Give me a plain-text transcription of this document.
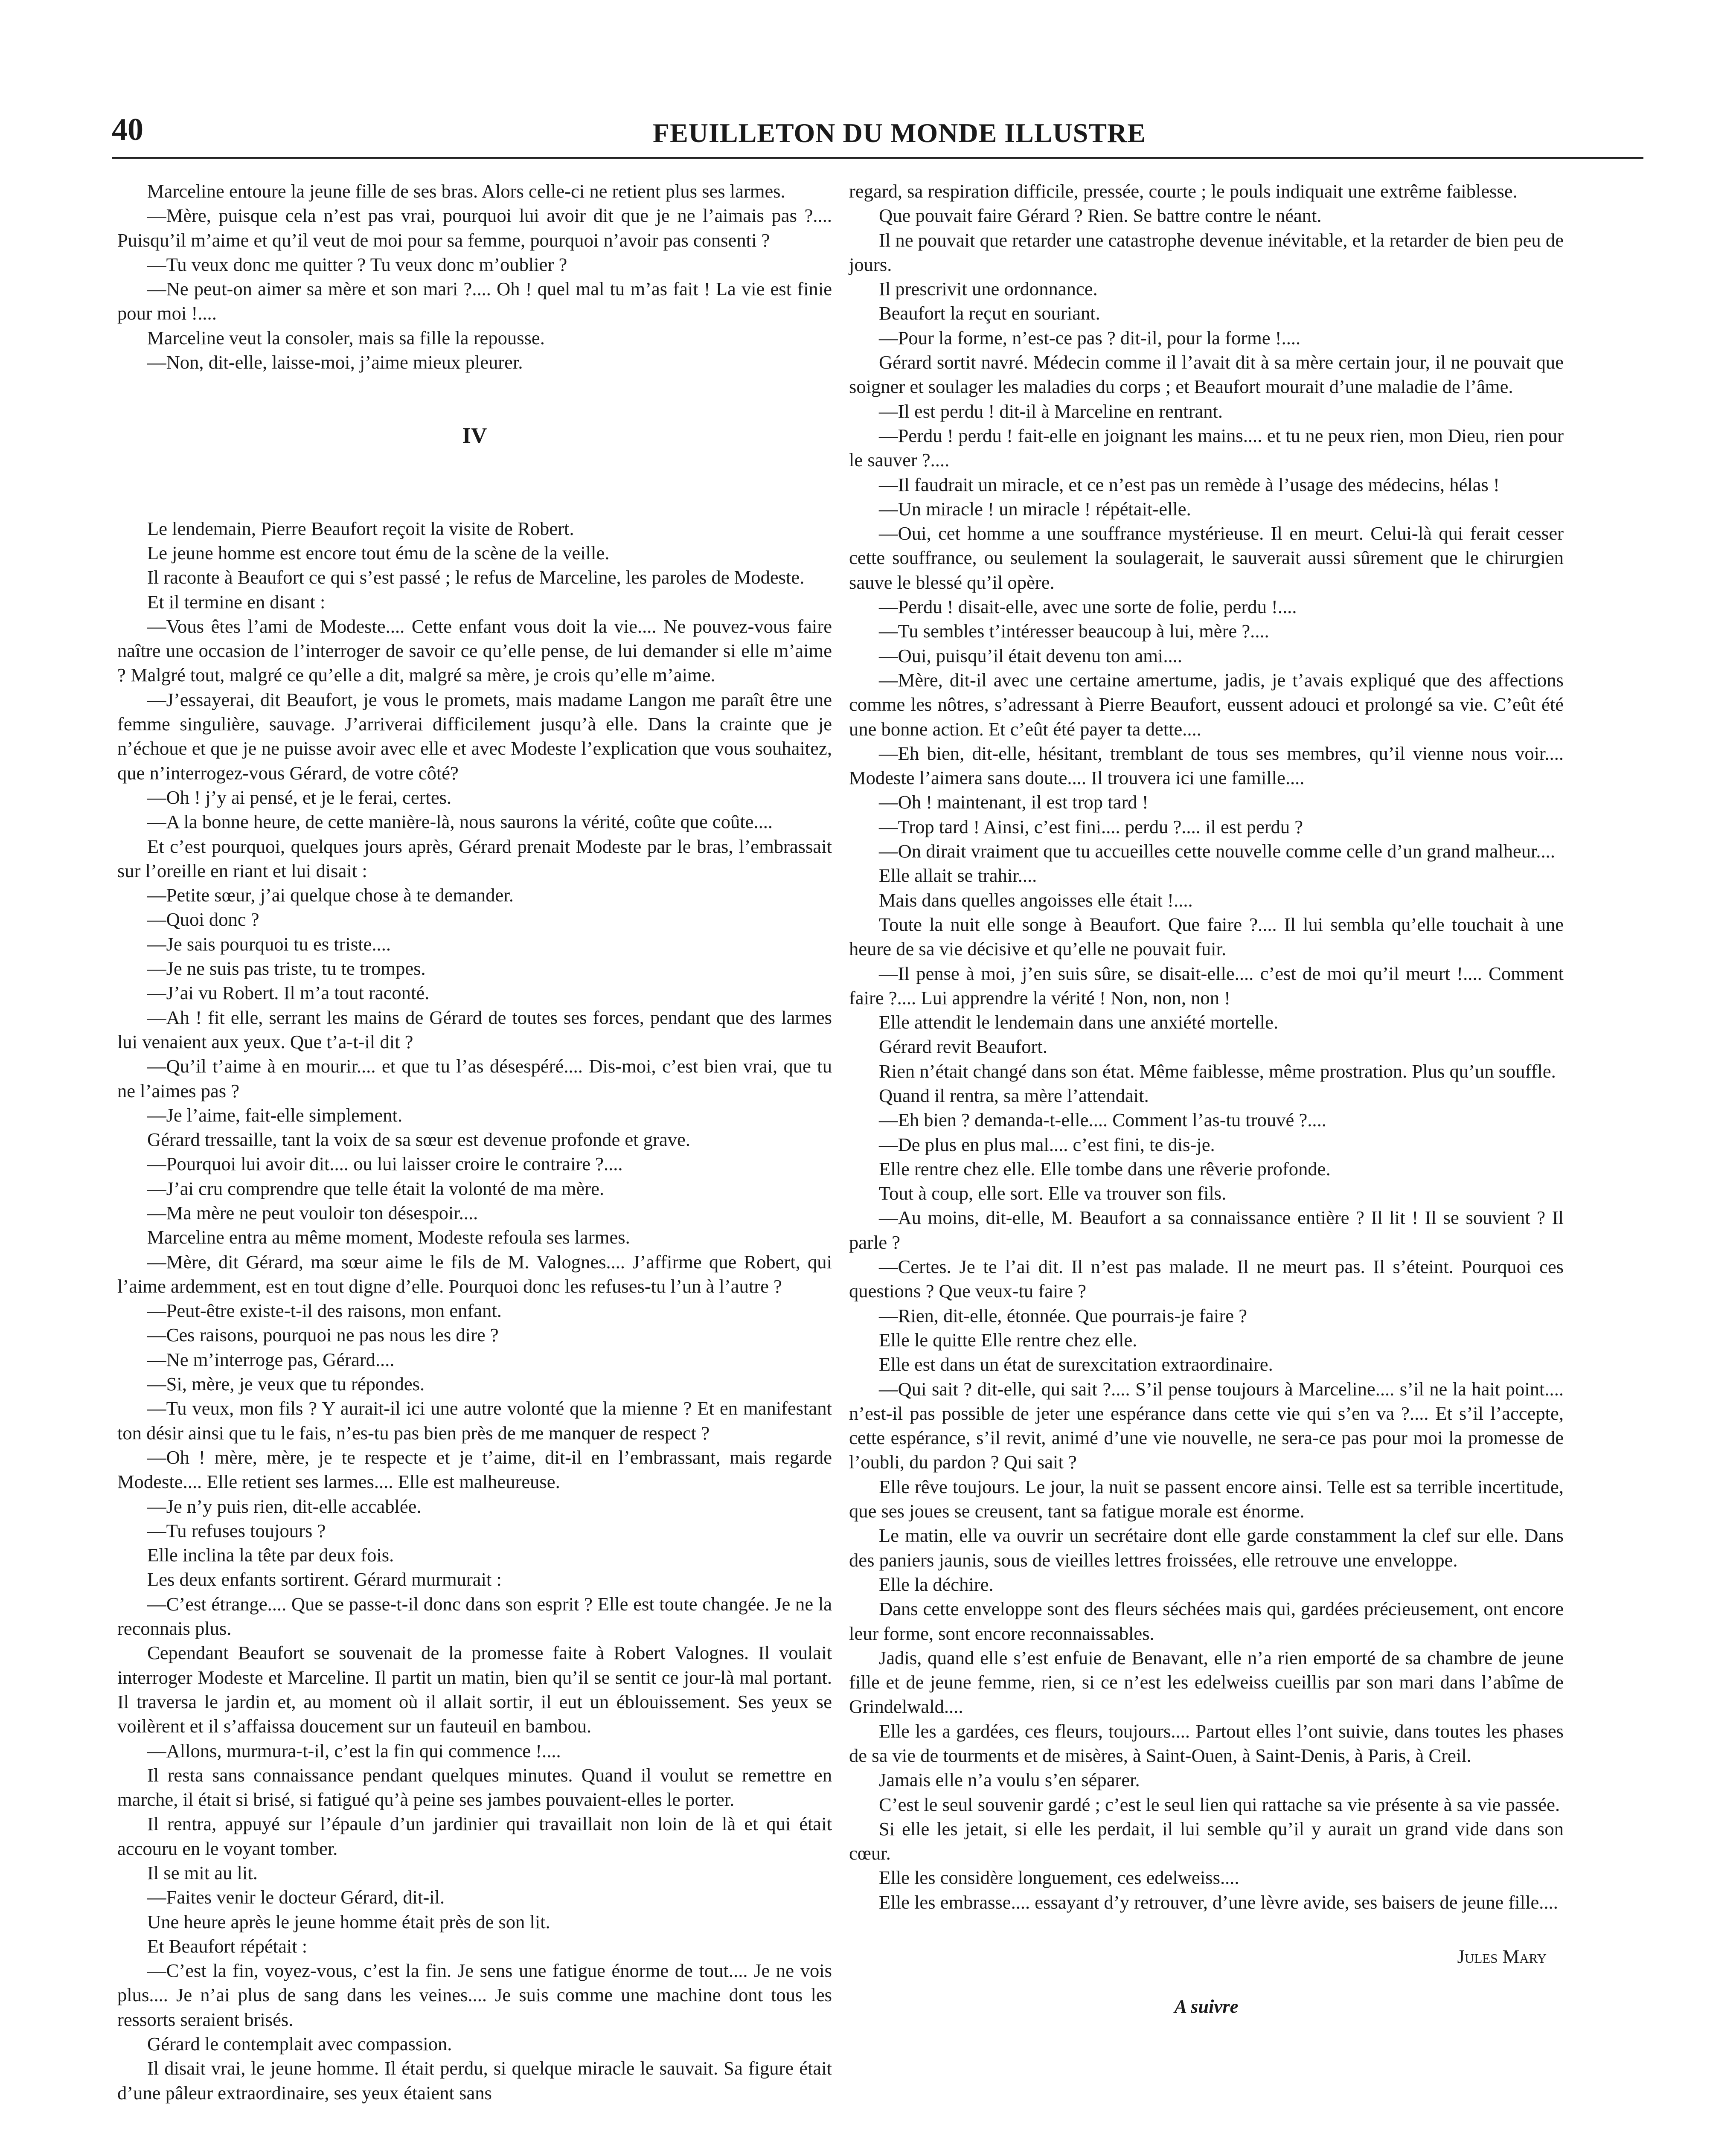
40	FEUILLETON DU MONDE ILLUSTRE

Marceline entoure la jeune fille de ses bras. Alors celle-ci ne retient plus ses larmes.

—Mère, puisque cela n’est pas vrai, pourquoi lui avoir dit que je ne l’aimais pas ?.... Puisqu’il m’aime et qu’il veut de moi pour sa femme, pourquoi n’avoir pas consenti ?

—Tu veux donc me quitter ? Tu veux donc m’oublier ?

—Ne peut-on aimer sa mère et son mari ?.... Oh ! quel mal tu m’as fait ! La vie est finie pour moi !....

Marceline veut la consoler, mais sa fille la repousse.

—Non, dit-elle, laisse-moi, j’aime mieux pleurer.

IV

Le lendemain, Pierre Beaufort reçoit la visite de Robert.

Le jeune homme est encore tout ému de la scène de la veille.

Il raconte à Beaufort ce qui s’est passé ; le refus de Marceline, les paroles de Modeste.

Et il termine en disant :

—Vous êtes l’ami de Modeste.... Cette enfant vous doit la vie.... Ne pouvez-vous faire naître une occasion de l’interroger de savoir ce qu’elle pense, de lui demander si elle m’aime ? Malgré tout, malgré ce qu’elle a dit, malgré sa mère, je crois qu’elle m’aime.

—J’essayerai, dit Beaufort, je vous le promets, mais madame Langon me paraît être une femme singulière, sauvage. J’arriverai difficilement jusqu’à elle. Dans la crainte que je n’échoue et que je ne puisse avoir avec elle et avec Modeste l’explication que vous souhaitez, que n’interrogez-vous Gérard, de votre côté?

—Oh ! j’y ai pensé, et je le ferai, certes.

—A la bonne heure, de cette manière-là, nous saurons la vérité, coûte que coûte....

Et c’est pourquoi, quelques jours après, Gérard prenait Modeste par le bras, l’embrassait sur l’oreille en riant et lui disait :

—Petite sœur, j’ai quelque chose à te demander.

—Quoi donc ?

—Je sais pourquoi tu es triste....

—Je ne suis pas triste, tu te trompes.

—J’ai vu Robert. Il m’a tout raconté.

—Ah ! fit elle, serrant les mains de Gérard de toutes ses forces, pendant que des larmes lui venaient aux yeux. Que t’a-t-il dit ?

—Qu’il t’aime à en mourir.... et que tu l’as désespéré.... Dis-moi, c’est bien vrai, que tu ne l’aimes pas ?

—Je l’aime, fait-elle simplement.

Gérard tressaille, tant la voix de sa sœur est devenue profonde et grave.

—Pourquoi lui avoir dit.... ou lui laisser croire le contraire ?....

—J’ai cru comprendre que telle était la volonté de ma mère.

—Ma mère ne peut vouloir ton désespoir....

Marceline entra au même moment, Modeste refoula ses larmes.

—Mère, dit Gérard, ma sœur aime le fils de M. Valognes.... J’affirme que Robert, qui l’aime ardemment, est en tout digne d’elle. Pourquoi donc les refuses-tu l’un à l’autre ?

—Peut-être existe-t-il des raisons, mon enfant.

—Ces raisons, pourquoi ne pas nous les dire ?

—Ne m’interroge pas, Gérard....

—Si, mère, je veux que tu répondes.

—Tu veux, mon fils ? Y aurait-il ici une autre volonté que la mienne ? Et en manifestant ton désir ainsi que tu le fais, n’es-tu pas bien près de me manquer de respect ?

—Oh ! mère, mère, je te respecte et je t’aime, dit-il en l’embrassant, mais regarde Modeste.... Elle retient ses larmes.... Elle est malheureuse.

—Je n’y puis rien, dit-elle accablée.

—Tu refuses toujours ?

Elle inclina la tête par deux fois.

Les deux enfants sortirent. Gérard murmurait :

—C’est étrange.... Que se passe-t-il donc dans son esprit ? Elle est toute changée. Je ne la reconnais plus.

Cependant Beaufort se souvenait de la promesse faite à Robert Valognes. Il voulait interroger Modeste et Marceline. Il partit un matin, bien qu’il se sentit ce jour-là mal portant. Il traversa le jardin et, au moment où il allait sortir, il eut un éblouissement. Ses yeux se voilèrent et il s’affaissa doucement sur un fauteuil en bambou.

—Allons, murmura-t-il, c’est la fin qui commence !....

Il resta sans connaissance pendant quelques minutes. Quand il voulut se remettre en marche, il était si brisé, si fatigué qu’à peine ses jambes pouvaient-elles le porter.

Il rentra, appuyé sur l’épaule d’un jardinier qui travaillait non loin de là et qui était accouru en le voyant tomber.

Il se mit au lit.

—Faites venir le docteur Gérard, dit-il.

Une heure après le jeune homme était près de son lit.

Et Beaufort répétait :

—C’est la fin, voyez-vous, c’est la fin. Je sens une fatigue énorme de tout.... Je ne vois plus.... Je n’ai plus de sang dans les veines.... Je suis comme une machine dont tous les ressorts seraient brisés.

Gérard le contemplait avec compassion.

Il disait vrai, le jeune homme. Il était perdu, si quelque miracle le sauvait. Sa figure était d’une pâleur extraordinaire, ses yeux étaient sans

regard, sa respiration difficile, pressée, courte ; le pouls indiquait une extrême faiblesse.

Que pouvait faire Gérard ? Rien. Se battre contre le néant.

Il ne pouvait que retarder une catastrophe devenue inévitable, et la retarder de bien peu de jours.

Il prescrivit une ordonnance.

Beaufort la reçut en souriant.

—Pour la forme, n’est-ce pas ? dit-il, pour la forme !....

Gérard sortit navré. Médecin comme il l’avait dit à sa mère certain jour, il ne pouvait que soigner et soulager les maladies du corps ; et Beaufort mourait d’une maladie de l’âme.

—Il est perdu ! dit-il à Marceline en rentrant.

—Perdu ! perdu ! fait-elle en joignant les mains.... et tu ne peux rien, mon Dieu, rien pour le sauver ?....

—Il faudrait un miracle, et ce n’est pas un remède à l’usage des médecins, hélas !

—Un miracle ! un miracle ! répétait-elle.

—Oui, cet homme a une souffrance mystérieuse. Il en meurt. Celui-là qui ferait cesser cette souffrance, ou seulement la soulagerait, le sauverait aussi sûrement que le chirurgien sauve le blessé qu’il opère.

—Perdu ! disait-elle, avec une sorte de folie, perdu !....

—Tu sembles t’intéresser beaucoup à lui, mère ?....

—Oui, puisqu’il était devenu ton ami....

—Mère, dit-il avec une certaine amertume, jadis, je t’avais expliqué que des affections comme les nôtres, s’adressant à Pierre Beaufort, eussent adouci et prolongé sa vie. C’eût été une bonne action. Et c’eût été payer ta dette....

—Eh bien, dit-elle, hésitant, tremblant de tous ses membres, qu’il vienne nous voir.... Modeste l’aimera sans doute.... Il trouvera ici une famille....

—Oh ! maintenant, il est trop tard !

—Trop tard ! Ainsi, c’est fini.... perdu ?.... il est perdu ?

—On dirait vraiment que tu accueilles cette nouvelle comme celle d’un grand malheur....

Elle allait se trahir....

Mais dans quelles angoisses elle était !....

Toute la nuit elle songe à Beaufort. Que faire ?.... Il lui sembla qu’elle touchait à une heure de sa vie décisive et qu’elle ne pouvait fuir.

—Il pense à moi, j’en suis sûre, se disait-elle.... c’est de moi qu’il meurt !.... Comment faire ?.... Lui apprendre la vérité ! Non, non, non !

Elle attendit le lendemain dans une anxiété mortelle.

Gérard revit Beaufort.

Rien n’était changé dans son état. Même faiblesse, même prostration. Plus qu’un souffle.

Quand il rentra, sa mère l’attendait.

—Eh bien ? demanda-t-elle.... Comment l’as-tu trouvé ?....

—De plus en plus mal.... c’est fini, te dis-je.

Elle rentre chez elle. Elle tombe dans une rêverie profonde.

Tout à coup, elle sort. Elle va trouver son fils.

—Au moins, dit-elle, M. Beaufort a sa connaissance entière ? Il lit ! Il se souvient ? Il parle ?

—Certes. Je te l’ai dit. Il n’est pas malade. Il ne meurt pas. Il s’éteint. Pourquoi ces questions ? Que veux-tu faire ?

—Rien, dit-elle, étonnée. Que pourrais-je faire ?

Elle le quitte Elle rentre chez elle.

Elle est dans un état de surexcitation extraordinaire.

—Qui sait ? dit-elle, qui sait ?.... S’il pense toujours à Marceline.... s’il ne la hait point.... n’est-il pas possible de jeter une espérance dans cette vie qui s’en va ?.... Et s’il l’accepte, cette espérance, s’il revit, animé d’une vie nouvelle, ne sera-ce pas pour moi la promesse de l’oubli, du pardon ? Qui sait ?

Elle rêve toujours. Le jour, la nuit se passent encore ainsi. Telle est sa terrible incertitude, que ses joues se creusent, tant sa fatigue morale est énorme.

Le matin, elle va ouvrir un secrétaire dont elle garde constamment la clef sur elle. Dans des paniers jaunis, sous de vieilles lettres froissées, elle retrouve une enveloppe.

Elle la déchire.

Dans cette enveloppe sont des fleurs séchées mais qui, gardées précieusement, ont encore leur forme, sont encore reconnaissables.

Jadis, quand elle s’est enfuie de Benavant, elle n’a rien emporté de sa chambre de jeune fille et de jeune femme, rien, si ce n’est les edelweiss cueillis par son mari dans l’abîme de Grindelwald....

Elle les a gardées, ces fleurs, toujours.... Partout elles l’ont suivie, dans toutes les phases de sa vie de tourments et de misères, à Saint-Ouen, à Saint-Denis, à Paris, à Creil.

Jamais elle n’a voulu s’en séparer.

C’est le seul souvenir gardé ; c’est le seul lien qui rattache sa vie présente à sa vie passée.

Si elle les jetait, si elle les perdait, il lui semble qu’il y aurait un grand vide dans son cœur.

Elle les considère longuement, ces edelweiss....

Elle les embrasse.... essayant d’y retrouver, d’une lèvre avide, ses baisers de jeune fille....

Jules Mary
A suivre
